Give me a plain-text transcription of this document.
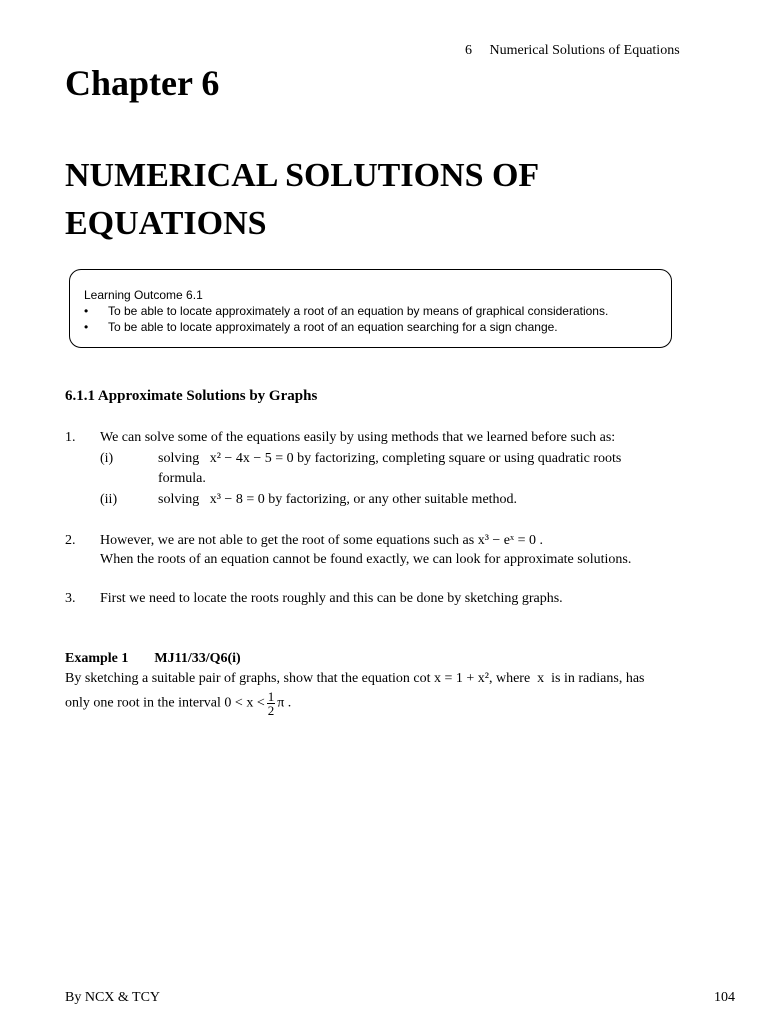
6 Numerical Solutions of Equations
Chapter 6
NUMERICAL SOLUTIONS OF
EQUATIONS
Learning Outcome 6.1
• To be able to locate approximately a root of an equation by means of graphical considerations.
• To be able to locate approximately a root of an equation searching for a sign change.
6.1.1 Approximate Solutions by Graphs
1. We can solve some of the equations easily by using methods that we learned before such as:
(i)	solving x² − 4x − 5 = 0 by factorizing, completing square or using quadratic roots
formula.
(ii)	solving x³ − 8 = 0 by factorizing, or any other suitable method.
2. However, we are not able to get the root of some equations such as x³ − eˣ = 0 .
When the roots of an equation cannot be found exactly, we can look for approximate solutions.
3. First we need to locate the roots roughly and this can be done by sketching graphs.
Example 1 MJ11/33/Q6(i)
By sketching a suitable pair of graphs, show that the equation cot x = 1 + x², where x is in radians, has
only one root in the interval $0 < x < \frac{1}{2}$ π .
By NCX & TCY	104
